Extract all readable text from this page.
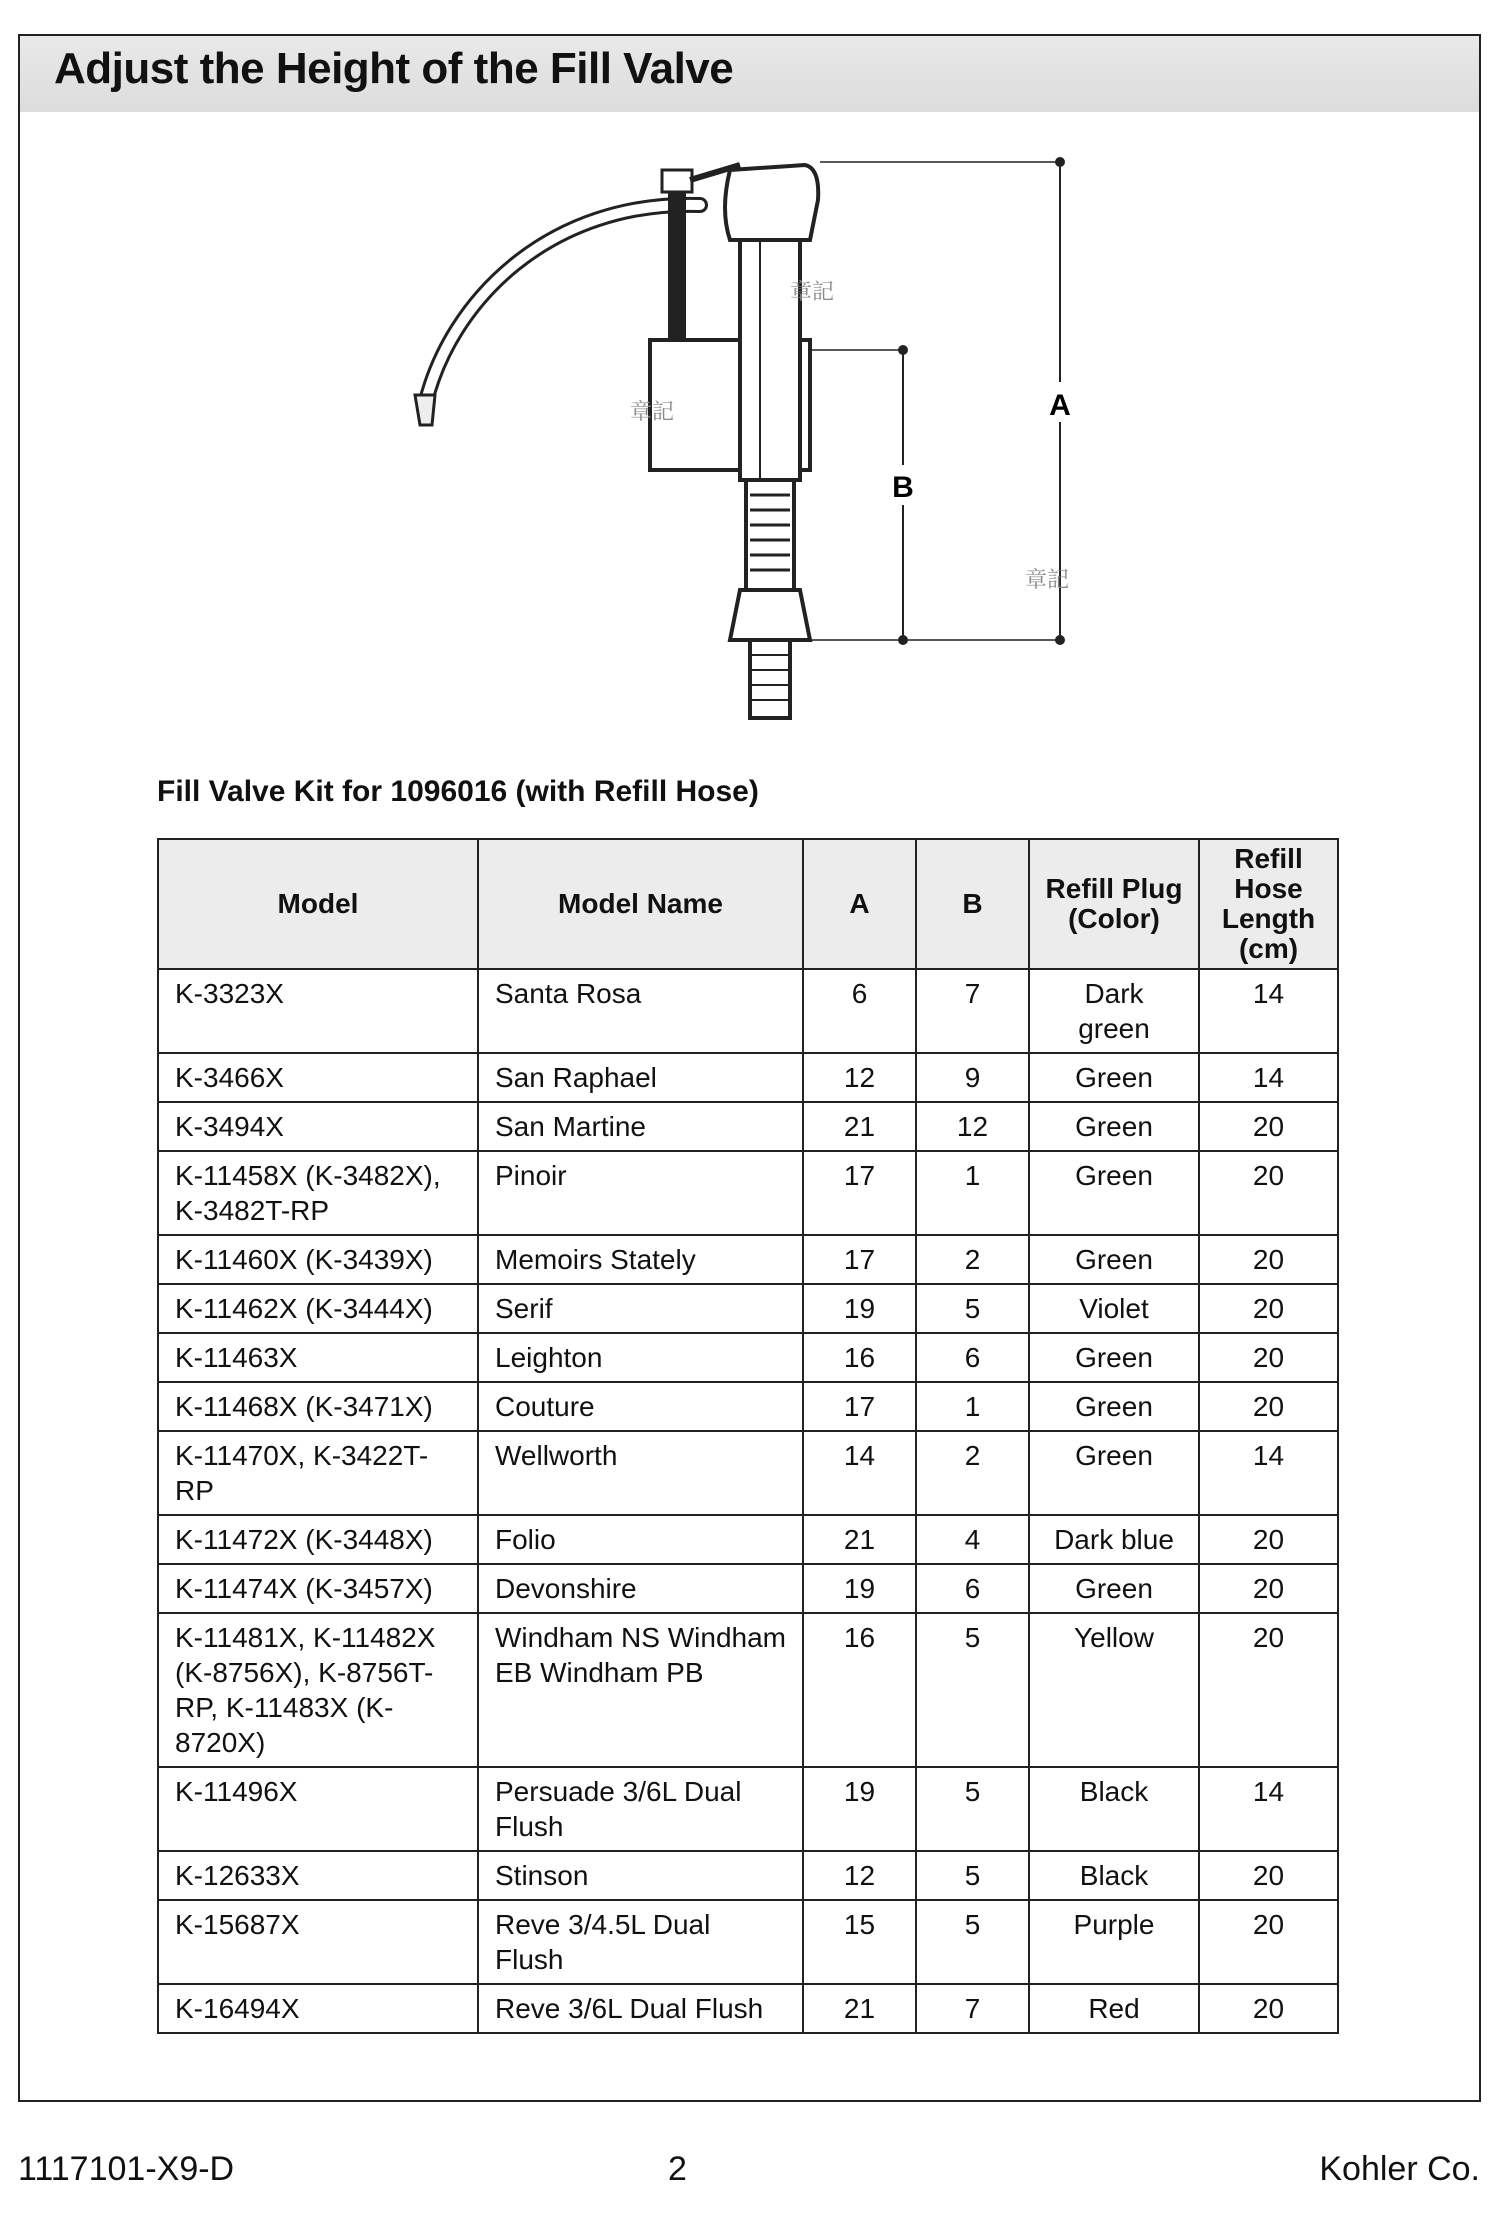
Adjust the Height of the Fill Valve
A
B
Fill Valve Kit for 1096016 (with Refill Hose)
Model	Model Name	A	B	Refill Plug (Color)	Refill Hose Length (cm)
K-3323X	Santa Rosa	6	7	Dark green	14
K-3466X	San Raphael	12	9	Green	14
K-3494X	San Martine	21	12	Green	20
K-11458X (K-3482X), K-3482T-RP	Pinoir	17	1	Green	20
K-11460X (K-3439X)	Memoirs Stately	17	2	Green	20
K-11462X (K-3444X)	Serif	19	5	Violet	20
K-11463X	Leighton	16	6	Green	20
K-11468X (K-3471X)	Couture	17	1	Green	20
K-11470X, K-3422T-RP	Wellworth	14	2	Green	14
K-11472X (K-3448X)	Folio	21	4	Dark blue	20
K-11474X (K-3457X)	Devonshire	19	6	Green	20
K-11481X, K-11482X (K-8756X), K-8756T-RP, K-11483X (K-8720X)	Windham NS Windham EB Windham PB	16	5	Yellow	20
K-11496X	Persuade 3/6L Dual Flush	19	5	Black	14
K-12633X	Stinson	12	5	Black	20
K-15687X	Reve 3/4.5L Dual Flush	15	5	Purple	20
K-16494X	Reve 3/6L Dual Flush	21	7	Red	20
章記
章記
章記

1117101-X9-D	2	Kohler Co.
